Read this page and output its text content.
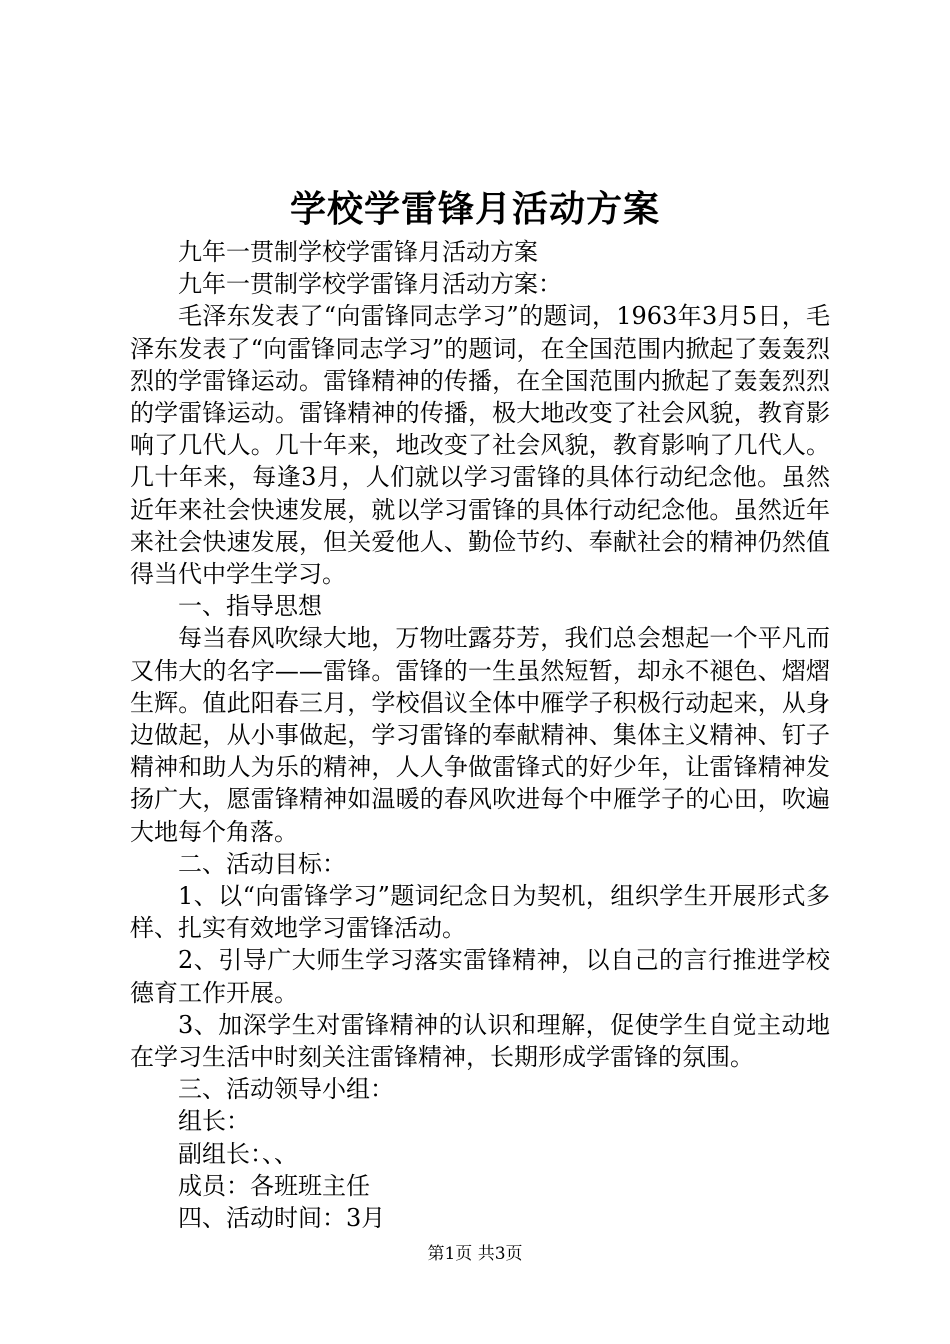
学校学雷锋月活动方案

九年一贯制学校学雷锋月活动方案

九年一贯制学校学雷锋月活动方案：

毛泽东发表了“向雷锋同志学习”的题词，1963年3月5日，毛泽东发表了“向雷锋同志学习”的题词，在全国范围内掀起了轰轰烈烈的学雷锋运动。雷锋精神的传播，在全国范围内掀起了轰轰烈烈的学雷锋运动。雷锋精神的传播，极大地改变了社会风貌，教育影响了几代人。几十年来，地改变了社会风貌，教育影响了几代人。几十年来，每逢3月，人们就以学习雷锋的具体行动纪念他。虽然近年来社会快速发展，就以学习雷锋的具体行动纪念他。虽然近年来社会快速发展，但关爱他人、勤俭节约、奉献社会的精神仍然值得当代中学生学习。

一、指导思想

每当春风吹绿大地，万物吐露芬芳，我们总会想起一个平凡而又伟大的名字——雷锋。雷锋的一生虽然短暂，却永不褪色、熠熠生辉。值此阳春三月，学校倡议全体中雁学子积极行动起来，从身边做起，从小事做起，学习雷锋的奉献精神、集体主义精神、钉子精神和助人为乐的精神，人人争做雷锋式的好少年，让雷锋精神发扬广大，愿雷锋精神如温暖的春风吹进每个中雁学子的心田，吹遍大地每个角落。

二、活动目标：

1、以“向雷锋学习”题词纪念日为契机，组织学生开展形式多样、扎实有效地学习雷锋活动。

2、引导广大师生学习落实雷锋精神，以自己的言行推进学校德育工作开展。

3、加深学生对雷锋精神的认识和理解，促使学生自觉主动地在学习生活中时刻关注雷锋精神，长期形成学雷锋的氛围。

三、活动领导小组：

组长：

副组长：、、

成员：各班班主任

四、活动时间：3月

第1页 共3页
